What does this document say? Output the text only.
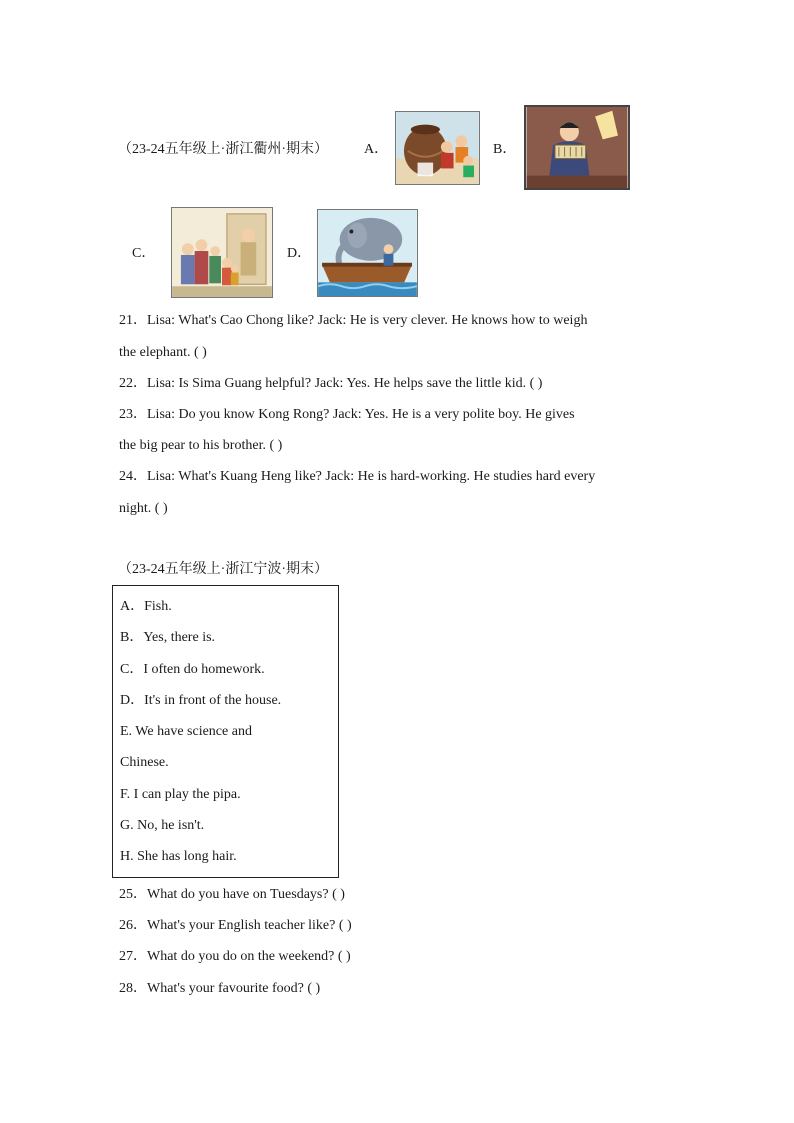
（23-24五年级上·浙江衢州·期末）	A．	B．
C．	D．
21．Lisa: What's Cao Chong like? Jack: He is very clever. He knows how to weigh
the elephant. ( )
22．Lisa: Is Sima Guang helpful? Jack: Yes. He helps save the little kid. ( )
23．Lisa: Do you know Kong Rong? Jack: Yes. He is a very polite boy. He gives
the big pear to his brother. ( )
24．Lisa: What's Kuang Heng like? Jack: He is hard-working. He studies hard every
night. ( )
（23-24五年级上·浙江宁波·期末）
A．Fish.
B．Yes, there is.
C．I often do homework.
D．It's in front of the house.
E. We have science and
Chinese.
F. I can play the pipa.
G. No, he isn't.
H. She has long hair.
25．What do you have on Tuesdays? ( )
26．What's your English teacher like? ( )
27．What do you do on the weekend? ( )
28．What's your favourite food? ( )
